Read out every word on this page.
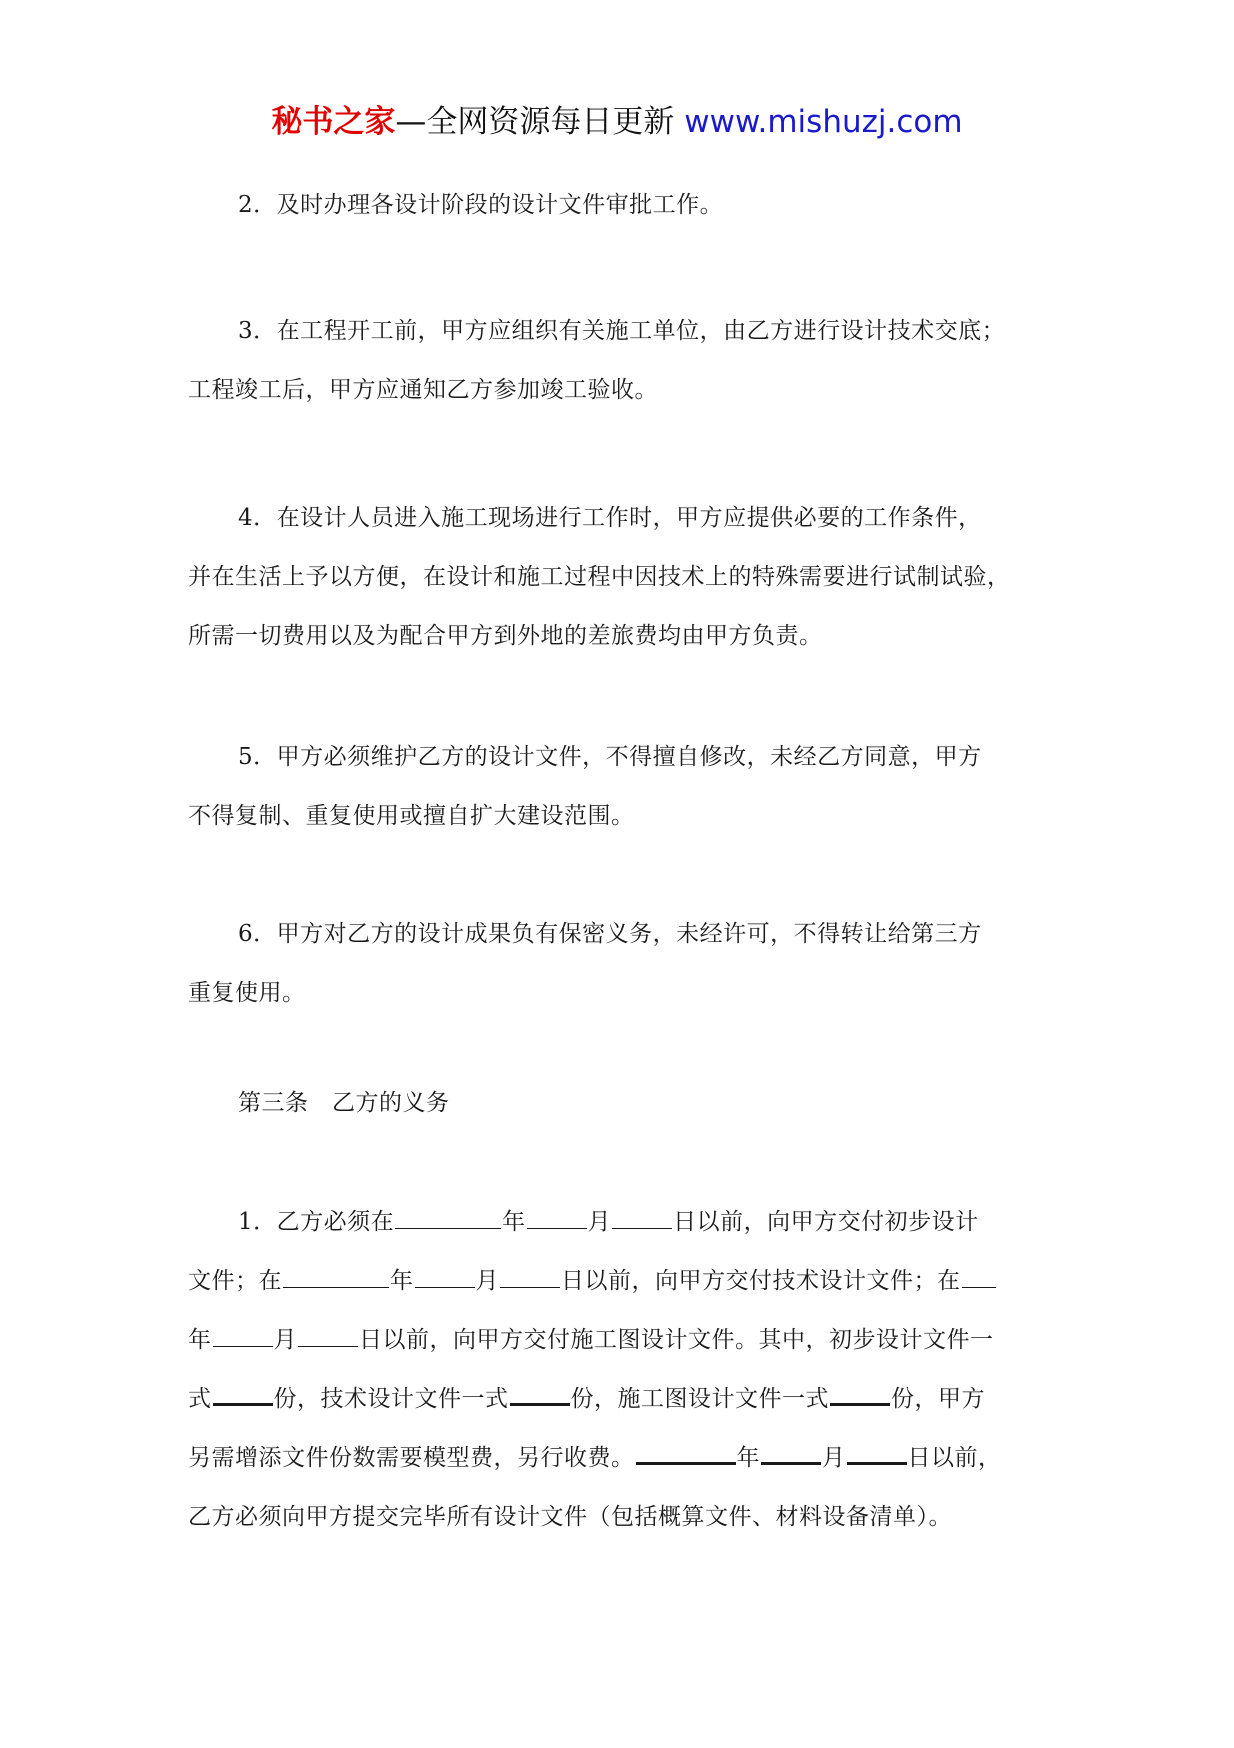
秘书之家—全网资源每日更新 www.mishuzj.com

2．及时办理各设计阶段的设计文件审批工作。

3．在工程开工前，甲方应组织有关施工单位，由乙方进行设计技术交底；
工程竣工后，甲方应通知乙方参加竣工验收。

4．在设计人员进入施工现场进行工作时，甲方应提供必要的工作条件，
并在生活上予以方便，在设计和施工过程中因技术上的特殊需要进行试制试验，
所需一切费用以及为配合甲方到外地的差旅费均由甲方负责。

5．甲方必须维护乙方的设计文件，不得擅自修改，未经乙方同意，甲方
不得复制、重复使用或擅自扩大建设范围。

6．甲方对乙方的设计成果负有保密义务，未经许可，不得转让给第三方
重复使用。

第三条　乙方的义务

1．乙方必须在	年	月	日以前，向甲方交付初步设计
文件；在	年	月	日以前，向甲方交付技术设计文件；在
年	月	日以前，向甲方交付施工图设计文件。其中，初步设计文件一
式	份，技术设计文件一式	份，施工图设计文件一式	份，甲方
另需增添文件份数需要模型费，另行收费。	年	月	日以前，
乙方必须向甲方提交完毕所有设计文件（包括概算文件、材料设备清单）。
